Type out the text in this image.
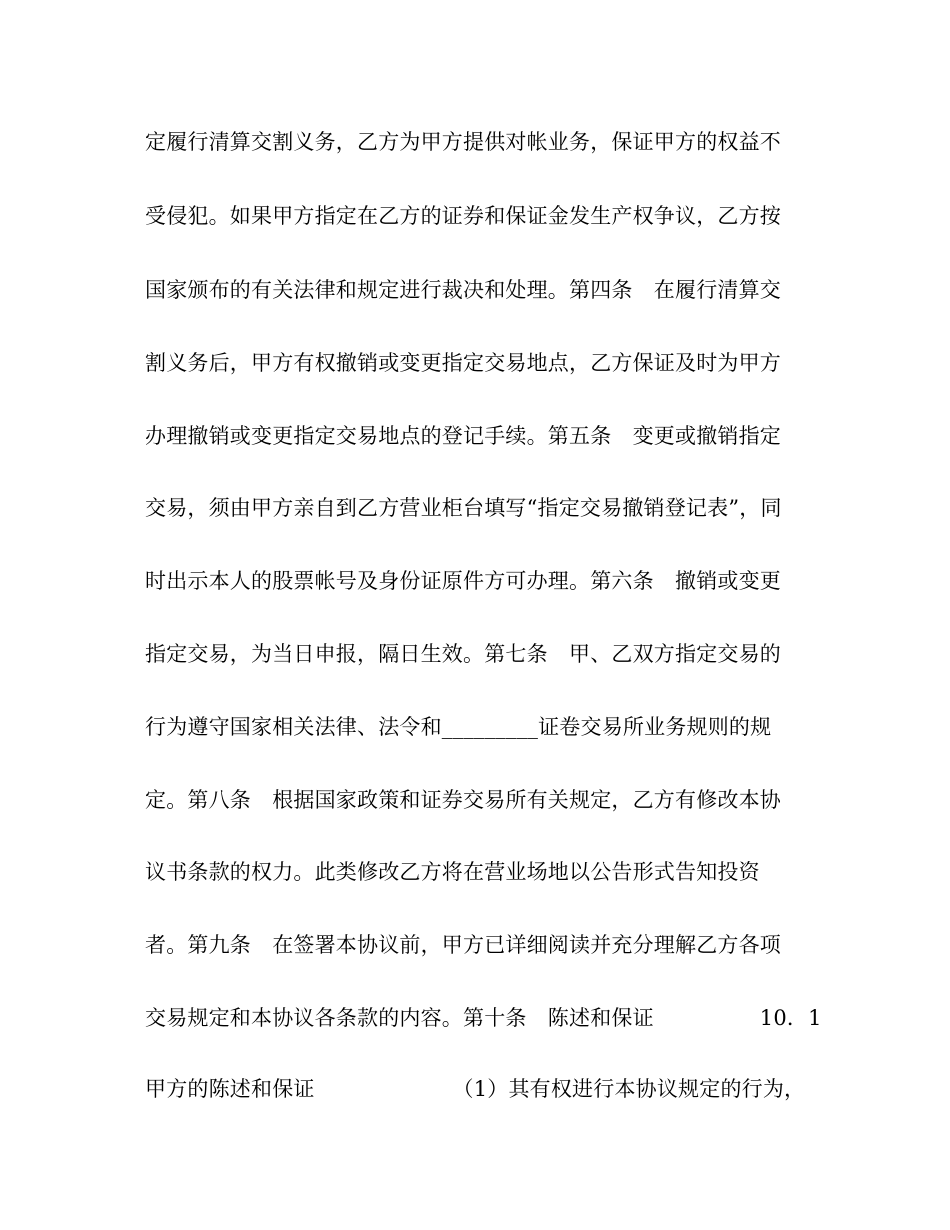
定履行清算交割义务，乙方为甲方提供对帐业务，保证甲方的权益不
受侵犯。如果甲方指定在乙方的证券和保证金发生产权争议，乙方按
国家颁布的有关法律和规定进行裁决和处理。第四条　在履行清算交
割义务后，甲方有权撤销或变更指定交易地点，乙方保证及时为甲方
办理撤销或变更指定交易地点的登记手续。第五条　变更或撤销指定
交易，须由甲方亲自到乙方营业柜台填写“指定交易撤销登记表”，同
时出示本人的股票帐号及身份证原件方可办理。第六条　撤销或变更
指定交易，为当日申报，隔日生效。第七条　甲、乙双方指定交易的
行为遵守国家相关法律、法令和_________证卷交易所业务规则的规
定。第八条　根据国家政策和证券交易所有关规定，乙方有修改本协
议书条款的权力。此类修改乙方将在营业场地以公告形式告知投资
者。第九条　在签署本协议前，甲方已详细阅读并充分理解乙方各项
交易规定和本协议各条款的内容。第十条　陈述和保证　　　　　10．1
甲方的陈述和保证　　　　　　　（1）其有权进行本协议规定的行为，
